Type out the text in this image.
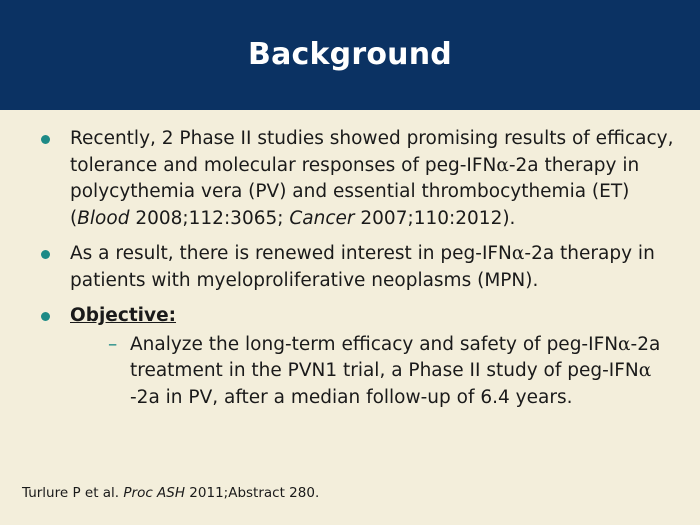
Background
Recently, 2 Phase II studies showed promising results of efficacy, tolerance and molecular responses of peg-IFNα-2a therapy in polycythemia vera (PV) and essential thrombocythemia (ET) (Blood 2008;112:3065; Cancer 2007;110:2012).
As a result, there is renewed interest in peg-IFNα-2a therapy in patients with myeloproliferative neoplasms (MPN).
Objective:
– Analyze the long-term efficacy and safety of peg-IFNα-2a treatment in the PVN1 trial, a Phase II study of peg-IFNα -2a in PV, after a median follow-up of 6.4 years.
Turlure P et al. Proc ASH 2011;Abstract 280.
